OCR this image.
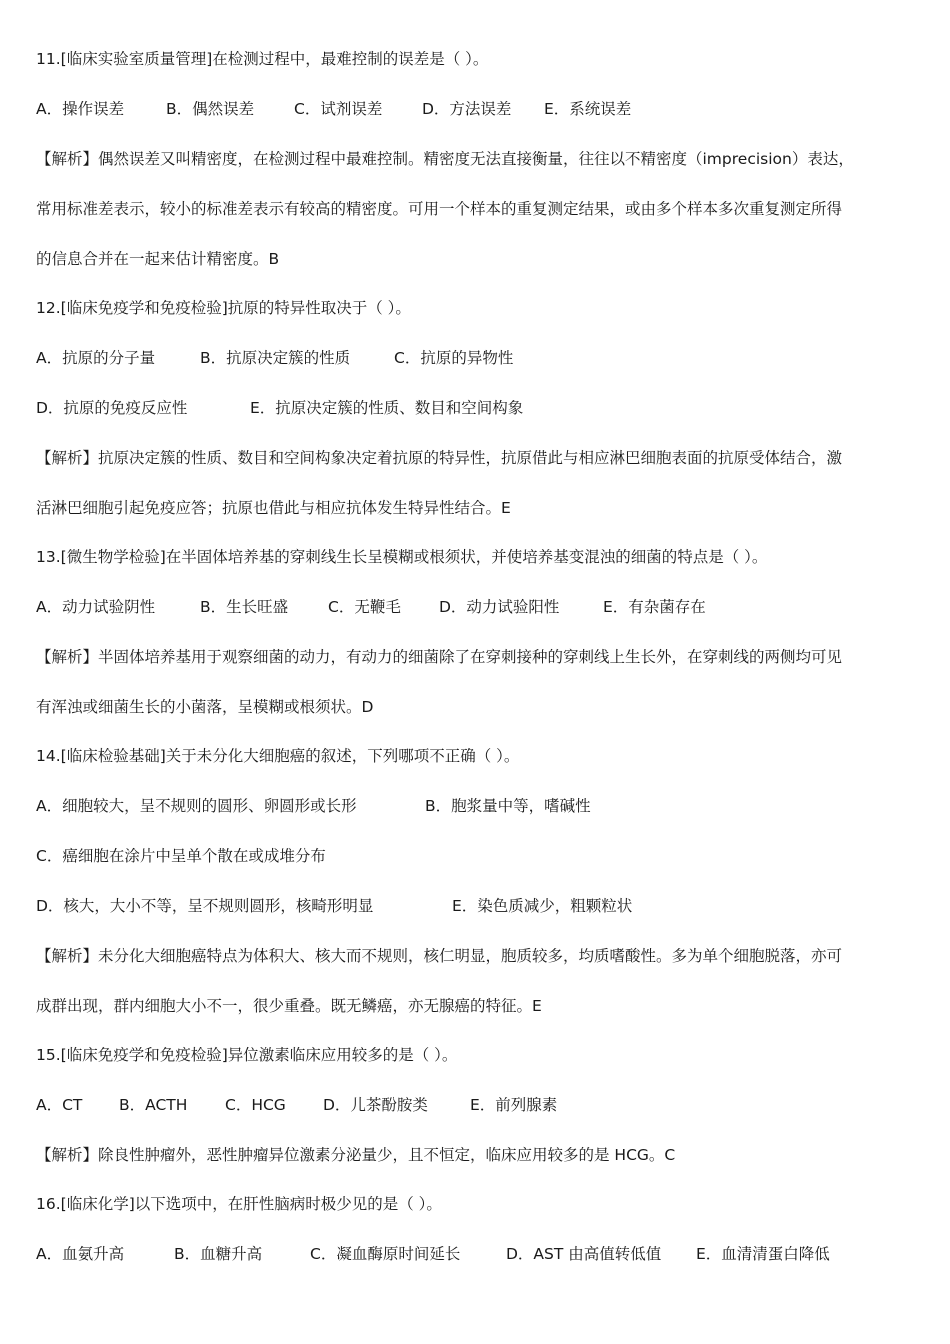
11.[临床实验室质量管理]在检测过程中，最难控制的误差是（ ）。
A．操作误差	B．偶然误差	C．试剂误差	D．方法误差	E．系统误差
【解析】偶然误差又叫精密度，在检测过程中最难控制。精密度无法直接衡量，往往以不精密度（imprecision）表达，
常用标准差表示，较小的标准差表示有较高的精密度。可用一个样本的重复测定结果，或由多个样本多次重复测定所得
的信息合并在一起来估计精密度。B
12.[临床免疫学和免疫检验]抗原的特异性取决于（ ）。
A．抗原的分子量	B．抗原决定簇的性质	C．抗原的异物性
D．抗原的免疫反应性	E．抗原决定簇的性质、数目和空间构象
【解析】抗原决定簇的性质、数目和空间构象决定着抗原的特异性，抗原借此与相应淋巴细胞表面的抗原受体结合，激
活淋巴细胞引起免疫应答；抗原也借此与相应抗体发生特异性结合。E
13.[微生物学检验]在半固体培养基的穿刺线生长呈模糊或根须状，并使培养基变混浊的细菌的特点是（ ）。
A．动力试验阴性	B．生长旺盛	C．无鞭毛	D．动力试验阳性	E．有杂菌存在
【解析】半固体培养基用于观察细菌的动力，有动力的细菌除了在穿刺接种的穿刺线上生长外，在穿刺线的两侧均可见
有浑浊或细菌生长的小菌落，呈模糊或根须状。D
14.[临床检验基础]关于未分化大细胞癌的叙述，下列哪项不正确（ ）。
A．细胞较大，呈不规则的圆形、卵圆形或长形	B．胞浆量中等，嗜碱性
C．癌细胞在涂片中呈单个散在或成堆分布
D．核大，大小不等，呈不规则圆形，核畸形明显	E．染色质减少，粗颗粒状
【解析】未分化大细胞癌特点为体积大、核大而不规则，核仁明显，胞质较多，均质嗜酸性。多为单个细胞脱落，亦可
成群出现，群内细胞大小不一，很少重叠。既无鳞癌，亦无腺癌的特征。E
15.[临床免疫学和免疫检验]异位激素临床应用较多的是（ ）。
A．CT	B．ACTH	C．HCG	D．儿茶酚胺类	E．前列腺素
【解析】除良性肿瘤外，恶性肿瘤异位激素分泌量少，且不恒定，临床应用较多的是 HCG。C
16.[临床化学]以下选项中，在肝性脑病时极少见的是（ ）。
A．血氨升高	B．血糖升高	C．凝血酶原时间延长	D．AST 由高值转低值	E．血清清蛋白降低
